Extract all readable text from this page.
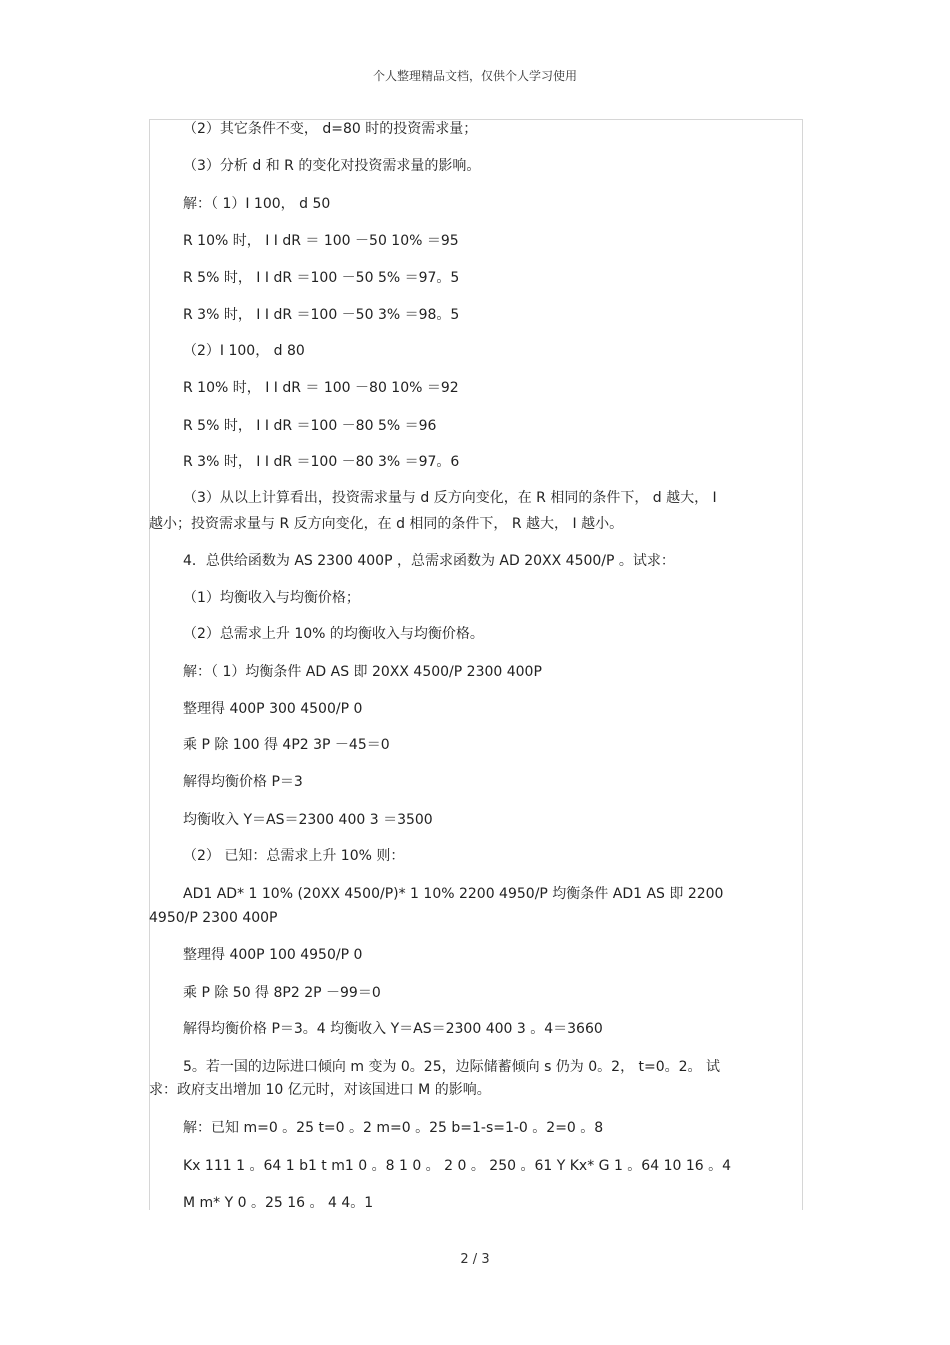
个人整理精品文档，仅供个人学习使用
（2）其它条件不变， d=80 时的投资需求量；
（3）分析 d 和 R 的变化对投资需求量的影响。
解：（ 1）I 100， d 50
R 10% 时， I I dR ＝ 100 －50 10% ＝95
R 5% 时， I I dR ＝100 －50 5% ＝97。5
R 3% 时， I I dR ＝100 －50 3% ＝98。5
（2）I 100， d 80
R 10% 时， I I dR ＝ 100 －80 10% ＝92
R 5% 时， I I dR ＝100 －80 5% ＝96
R 3% 时， I I dR ＝100 －80 3% ＝97。6
（3）从以上计算看出，投资需求量与 d 反方向变化，在 R 相同的条件下， d 越大， I
越小；投资需求量与 R 反方向变化，在 d 相同的条件下， R 越大， I 越小。
4．总供给函数为 AS 2300 400P ，总需求函数为 AD 20XX 4500/P 。试求：
（1）均衡收入与均衡价格；
（2）总需求上升 10% 的均衡收入与均衡价格。
解：（ 1）均衡条件 AD AS 即 20XX 4500/P 2300 400P
整理得 400P 300 4500/P 0
乘 P 除 100 得 4P2 3P －45＝0
解得均衡价格 P＝3
均衡收入 Y＝AS＝2300 400 3 ＝3500
（2） 已知：总需求上升 10% 则：
AD1 AD* 1 10% (20XX 4500/P)* 1 10% 2200 4950/P 均衡条件 AD1 AS 即 2200
4950/P 2300 400P
整理得 400P 100 4950/P 0
乘 P 除 50 得 8P2 2P －99＝0
解得均衡价格 P＝3。4 均衡收入 Y＝AS＝2300 400 3 。4＝3660
5。若一国的边际进口倾向 m 变为 0。25，边际储蓄倾向 s 仍为 0。2， t=0。2。 试
求：政府支出增加 10 亿元时，对该国进口 M 的影响。
解：已知 m=0 。25 t=0 。2 m=0 。25 b=1-s=1-0 。2=0 。8
Kx 111 1 。64 1 b1 t m1 0 。8 1 0 。 2 0 。 250 。61 Y Kx* G 1 。64 10 16 。4
M m* Y 0 。25 16 。 4 4。1
2 / 3
